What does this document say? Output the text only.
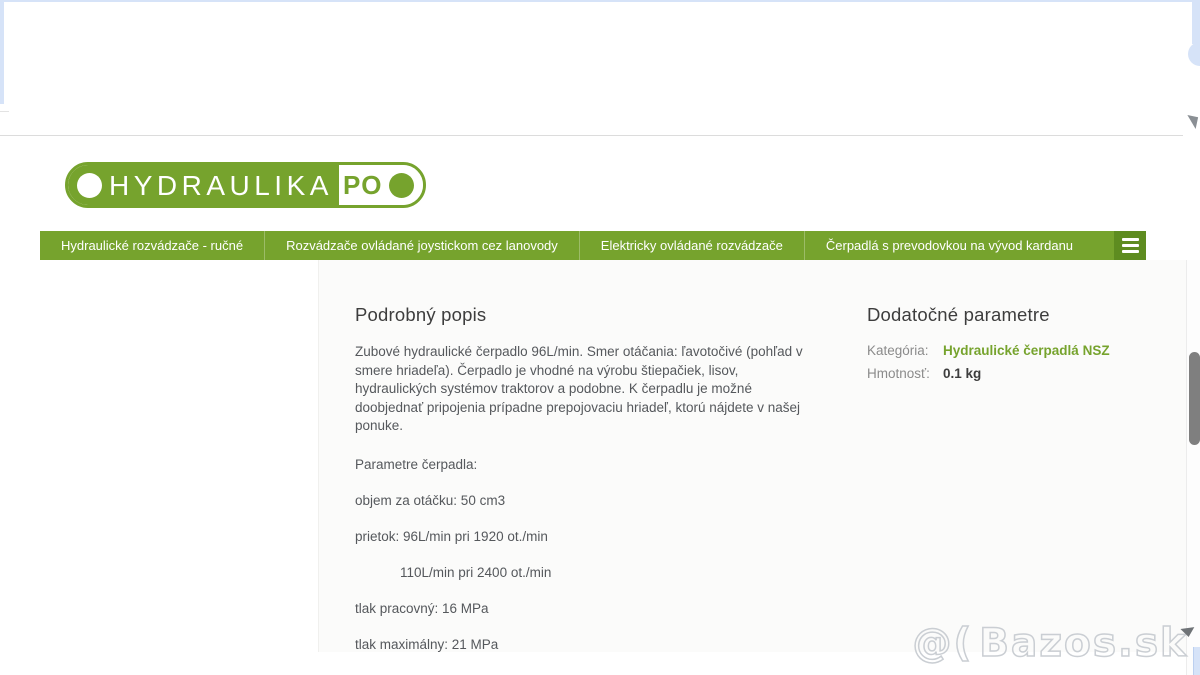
HYDRAULIKA PO
Hydraulické rozvádzače - ručné	Rozvádzače ovládané joystickom cez lanovody	Elektricky ovládané rozvádzače	Čerpadlá s prevodovkou na vývod kardanu
Podrobný popis

Zubové hydraulické čerpadlo 96L/min. Smer otáčania: ľavotočivé (pohľad v smere hriadeľa). Čerpadlo je vhodné na výrobu štiepačiek, lisov, hydraulických systémov traktorov a podobne. K čerpadlu je možné doobjednať pripojenia prípadne prepojovaciu hriadeľ, ktorú nájdete v našej ponuke.

Parametre čerpadla:

objem za otáčku: 50 cm3

prietok: 96L/min pri 1920 ot./min

110L/min pri 2400 ot./min

tlak pracovný: 16 MPa

tlak maximálny: 21 MPa

Dodatočné parametre
Kategória:	Hydraulické čerpadlá NSZ
Hmotnosť: 0.1 kg
@( Bazos.sk
